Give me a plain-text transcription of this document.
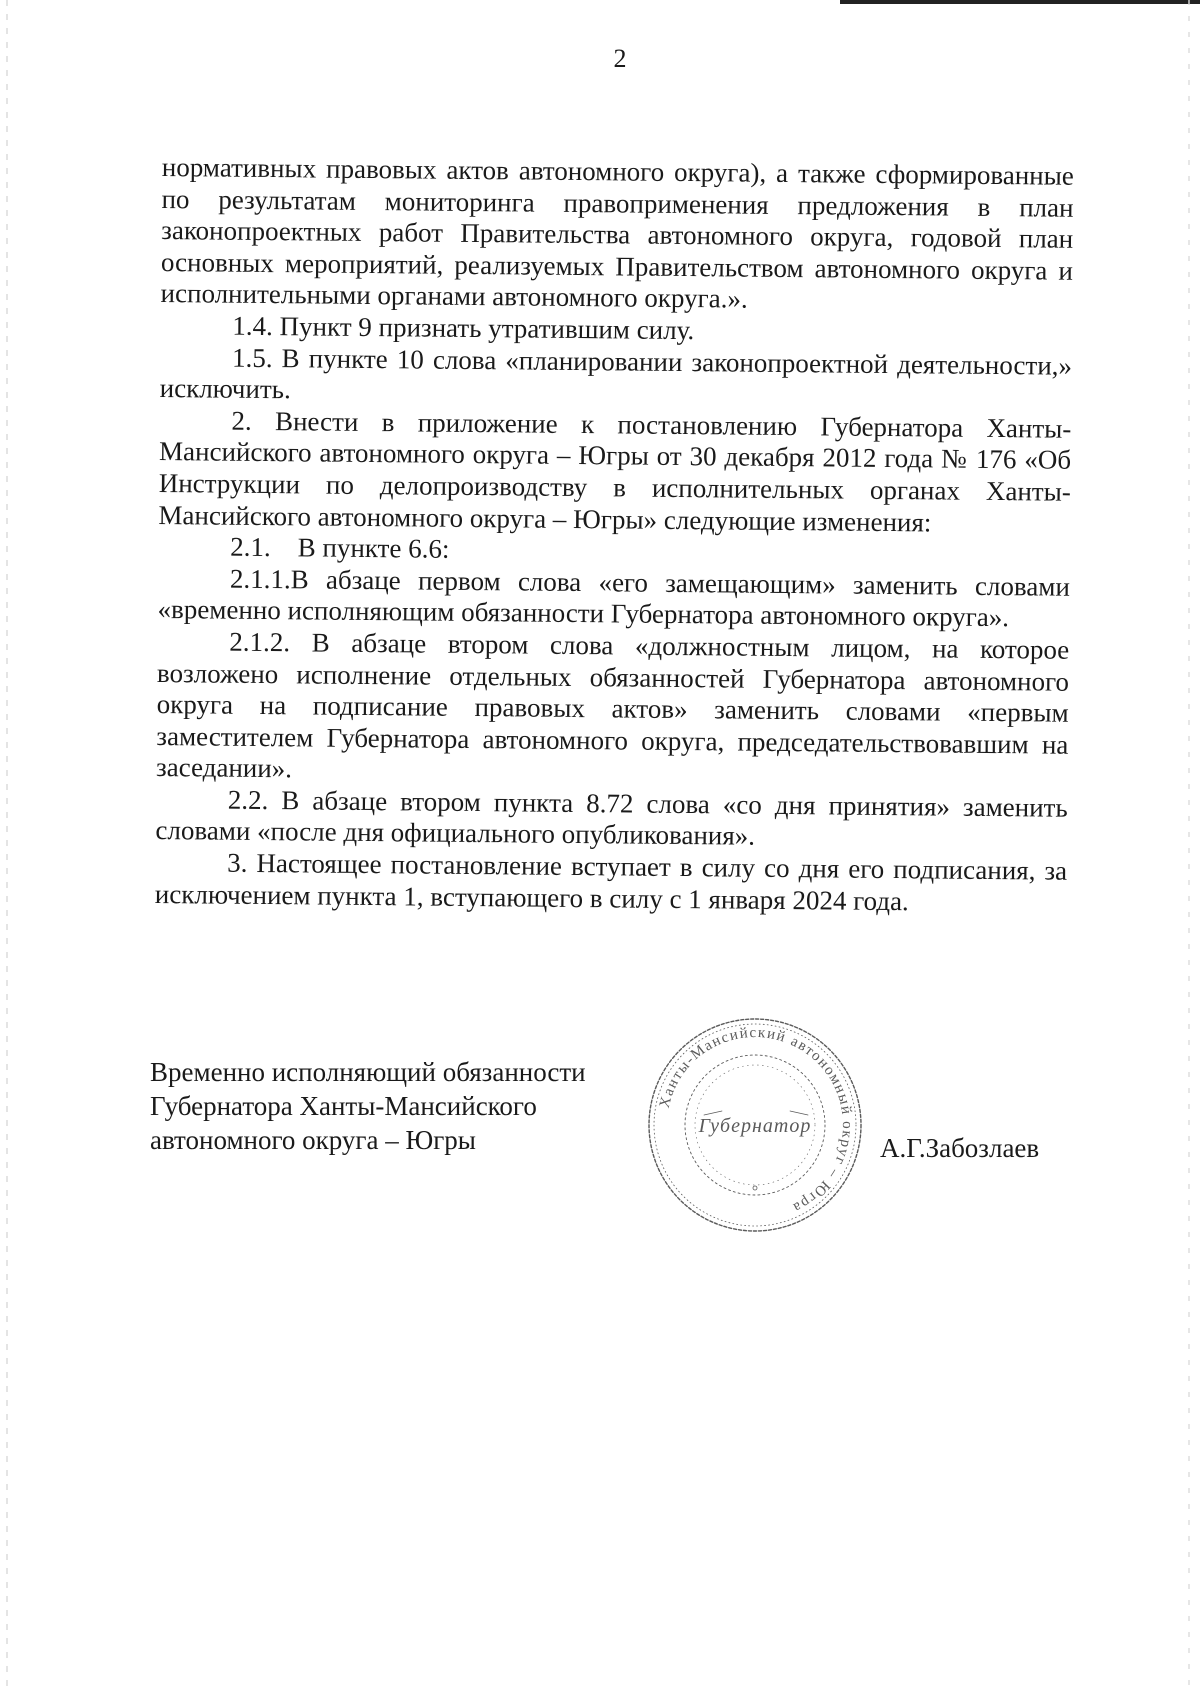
2

нормативных правовых актов автономного округа), а также сформированные по результатам мониторинга правоприменения предложения в план законопроектных работ Правительства автономного округа, годовой план основных мероприятий, реализуемых Правительством автономного округа и исполнительными органами автономного округа.».

1.4. Пункт 9 признать утратившим силу.

1.5. В пункте 10 слова «планировании законопроектной деятельности,» исключить.

2. Внести в приложение к постановлению Губернатора Ханты-Мансийского автономного округа – Югры от 30 декабря 2012 года № 176 «Об Инструкции по делопроизводству в исполнительных органах Ханты-Мансийского автономного округа – Югры» следующие изменения:

2.1.    В пункте 6.6:

2.1.1.В абзаце первом слова «его замещающим» заменить словами «временно исполняющим обязанности Губернатора автономного округа».

2.1.2. В абзаце втором слова «должностным лицом, на которое возложено исполнение отдельных обязанностей Губернатора автономного округа на подписание правовых актов» заменить словами «первым заместителем Губернатора автономного округа, председательствовавшим на заседании».

2.2. В абзаце втором пункта 8.72 слова «со дня принятия» заменить словами «после дня официального опубликования».

3. Настоящее постановление вступает в силу со дня его подписания, за исключением пункта 1, вступающего в силу с 1 января 2024 года.

Временно исполняющий обязанности
Губернатора Ханты-Мансийского
автономного округа – Югры
Ханты-Мансийский автономный округ – Югра
Губернатор
А.Г.Забозлаев
